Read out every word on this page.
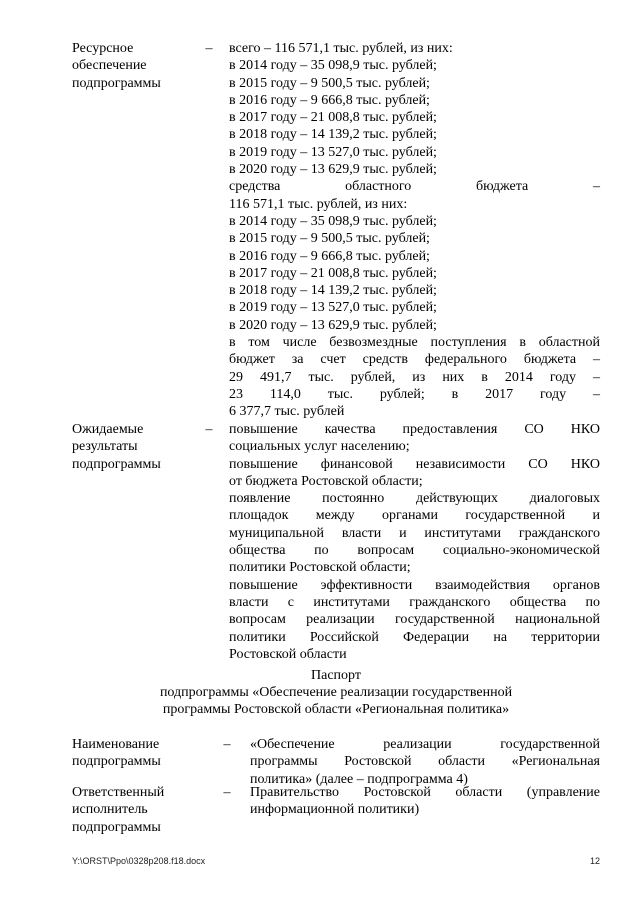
Ресурсное
обеспечение
подпрограммы
– всего – 116 571,1 тыс. рублей, из них:
в 2014 году – 35 098,9 тыс. рублей;
в 2015 году – 9 500,5 тыс. рублей;
в 2016 году – 9 666,8 тыс. рублей;
в 2017 году – 21 008,8 тыс. рублей;
в 2018 году – 14 139,2 тыс. рублей;
в 2019 году – 13 527,0 тыс. рублей;
в 2020 году – 13 629,9 тыс. рублей;
средства областного бюджета –
116 571,1 тыс. рублей, из них:
в 2014 году – 35 098,9 тыс. рублей;
в 2015 году – 9 500,5 тыс. рублей;
в 2016 году – 9 666,8 тыс. рублей;
в 2017 году – 21 008,8 тыс. рублей;
в 2018 году – 14 139,2 тыс. рублей;
в 2019 году – 13 527,0 тыс. рублей;
в 2020 году – 13 629,9 тыс. рублей;
в том числе безвозмездные поступления в областной
бюджет за счет средств федерального бюджета –
29 491,7 тыс. рублей, из них в 2014 году –
23 114,0 тыс. рублей; в 2017 году –
6 377,7 тыс. рублей
Ожидаемые
результаты
подпрограммы
– повышение качества предоставления СО НКО
социальных услуг населению;
повышение финансовой независимости СО НКО
от бюджета Ростовской области;
появление постоянно действующих диалоговых
площадок между органами государственной и
муниципальной власти и институтами гражданского
общества по вопросам социально-экономической
политики Ростовской области;
повышение эффективности взаимодействия органов
власти с институтами гражданского общества по
вопросам реализации государственной национальной
политики Российской Федерации на территории
Ростовской области
Паспорт
подпрограммы «Обеспечение реализации государственной
программы Ростовской области «Региональная политика»
Наименование
подпрограммы
– «Обеспечение реализации государственной
программы Ростовской области «Региональная
политика» (далее – подпрограмма 4)
Ответственный
исполнитель
подпрограммы
– Правительство Ростовской области (управление
информационной политики)
Y:\ORST\Ppo\0328p208.f18.docx	12
